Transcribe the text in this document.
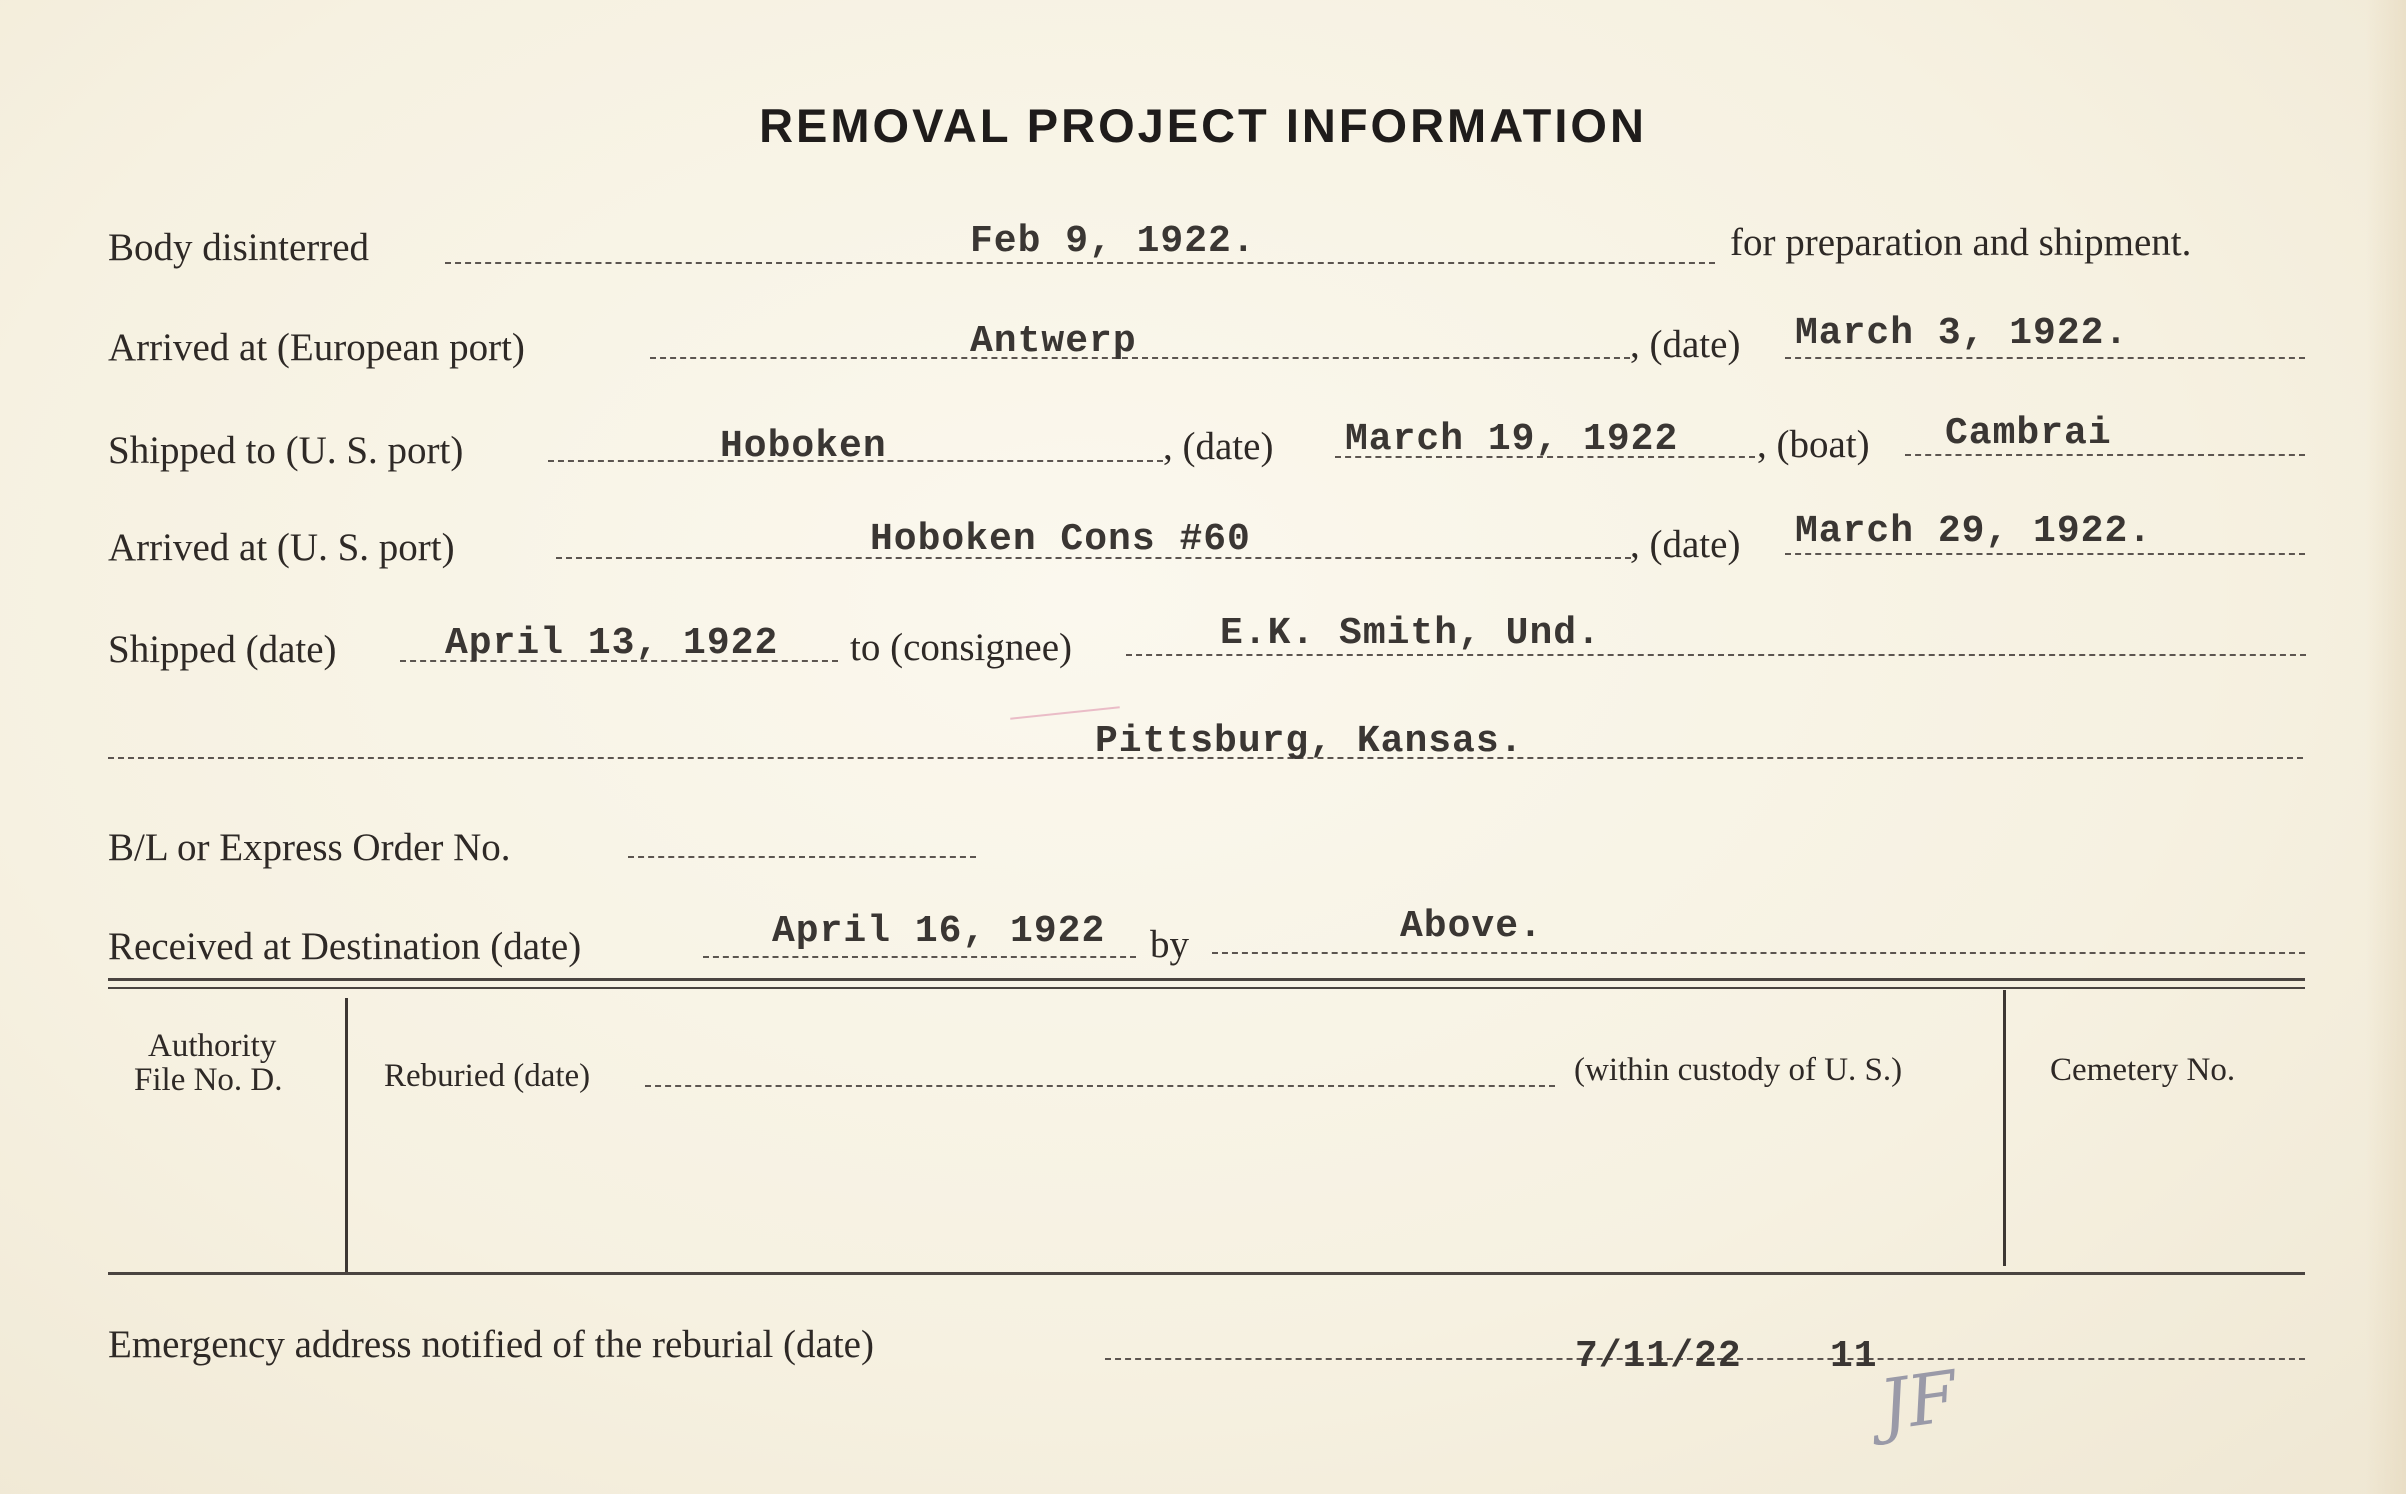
REMOVAL PROJECT INFORMATION
Body disinterred	Feb 9, 1922.	for preparation and shipment.
Arrived at (European port)	Antwerp	, (date) March 3, 1922.
Shipped to (U. S. port)	Hoboken	, (date) March 19, 1922 , (boat) Cambrai
Arrived at (U. S. port)	Hoboken Cons #60	, (date) March 29, 1922.
Shipped (date)	April 13, 1922 to (consignee)	E.K. Smith, Und.
Pittsburg, Kansas.
B/L or Express Order No.
Received at Destination (date)	April 16, 1922 by	Above.
Authority
File No. D.	Reburied (date)	(within custody of U. S.)	Cemetery No.
Emergency address notified of the reburial (date)	7/11/22 11
JF
